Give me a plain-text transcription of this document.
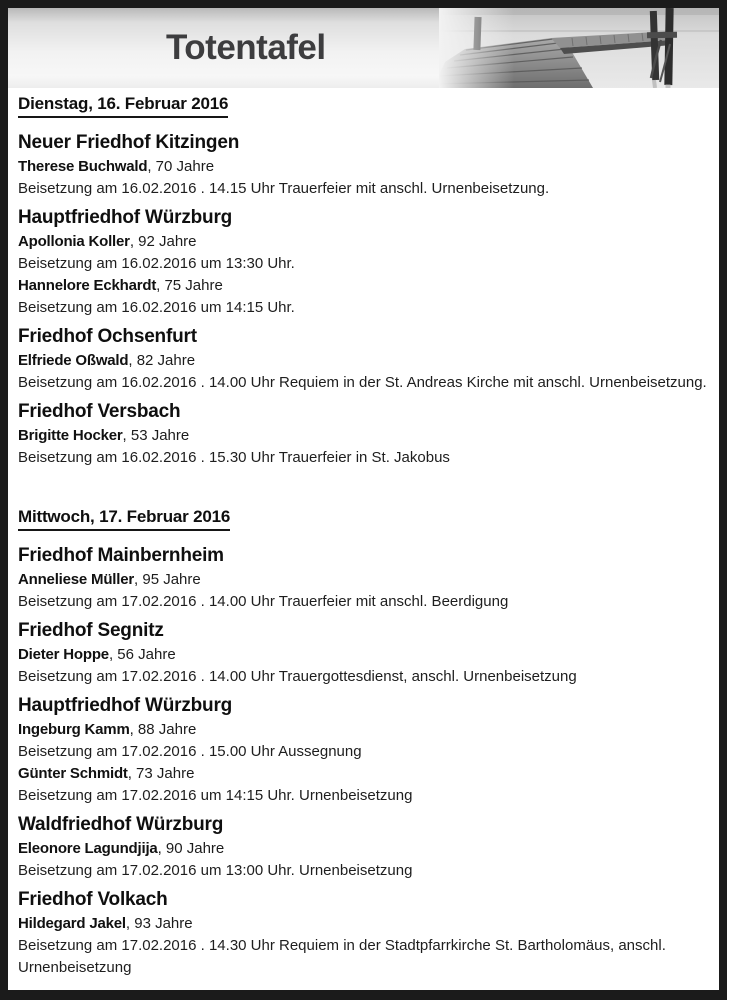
Totentafel
Dienstag, 16. Februar 2016
Neuer Friedhof Kitzingen
Therese Buchwald, 70 Jahre
Beisetzung am 16.02.2016 . 14.15 Uhr Trauerfeier mit anschl. Urnenbeisetzung.
Hauptfriedhof Würzburg
Apollonia Koller, 92 Jahre
Beisetzung am 16.02.2016 um 13:30 Uhr.
Hannelore Eckhardt, 75 Jahre
Beisetzung am 16.02.2016 um 14:15 Uhr.
Friedhof Ochsenfurt
Elfriede Oßwald, 82 Jahre
Beisetzung am 16.02.2016 . 14.00 Uhr Requiem in der St. Andreas Kirche mit anschl. Urnenbeisetzung.
Friedhof Versbach
Brigitte Hocker, 53 Jahre
Beisetzung am 16.02.2016 . 15.30 Uhr Trauerfeier in St. Jakobus
Mittwoch, 17. Februar 2016
Friedhof Mainbernheim
Anneliese Müller, 95 Jahre
Beisetzung am 17.02.2016 . 14.00 Uhr Trauerfeier mit anschl. Beerdigung
Friedhof Segnitz
Dieter Hoppe, 56 Jahre
Beisetzung am 17.02.2016 . 14.00 Uhr Trauergottesdienst, anschl. Urnenbeisetzung
Hauptfriedhof Würzburg
Ingeburg Kamm, 88 Jahre
Beisetzung am 17.02.2016 . 15.00 Uhr Aussegnung
Günter Schmidt, 73 Jahre
Beisetzung am 17.02.2016 um 14:15 Uhr. Urnenbeisetzung
Waldfriedhof Würzburg
Eleonore Lagundjija, 90 Jahre
Beisetzung am 17.02.2016 um 13:00 Uhr. Urnenbeisetzung
Friedhof Volkach
Hildegard Jakel, 93 Jahre
Beisetzung am 17.02.2016 . 14.30 Uhr Requiem in der Stadtpfarrkirche St. Bartholomäus, anschl. Urnenbeisetzung
